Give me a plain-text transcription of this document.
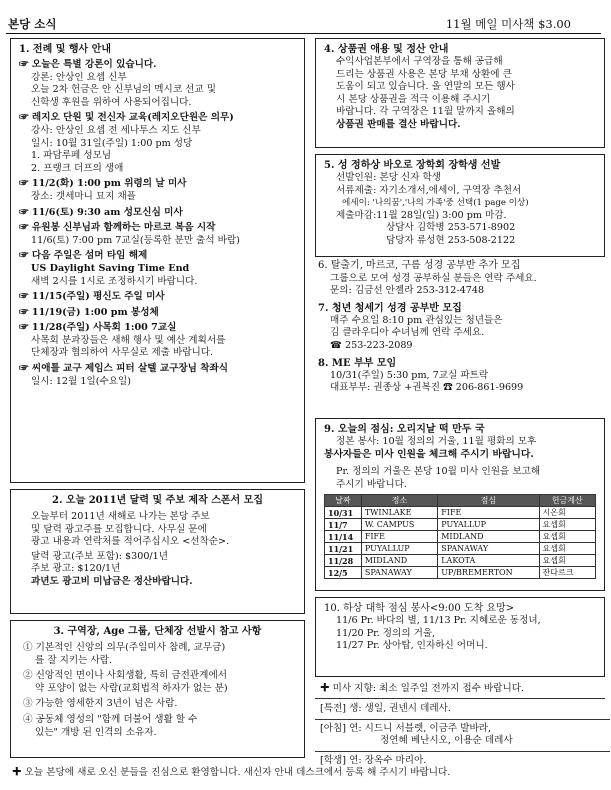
본당 소식	11월 메일 미사책 $3.00
1. 전례 및 행사 안내
☞ 오늘은 특별 강론이 있습니다.
강론: 안상인 요셉 신부
오늘 2차 헌금은 안 신부님의 멕시코 선교 및
신학생 후원을 위하여 사용되어집니다.
☞ 레지오 단원 및 전신자 교육(레지오단원은 의무)
강사: 안상인 요셉 전 세나투스 지도 신부
일시: 10월 31일(주일) 1:00 pm 성당
1. 파담루페 성모님
2. 프랭크 더프의 생애
☞ 11/2(화) 1:00 pm 위령의 날 미사
장소: 갯세마니 묘지 채플
☞ 11/6(토) 9:30 am 성모신심 미사
☞ 유원봉 신부님과 함께하는 마르코 복음 시작
11/6(토) 7:00 pm 7교실(등록한 분만 출석 바람)
☞ 다음 주일은 섬머 타임 해제
US Daylight Saving Time End
새벽 2시를 1시로 조정하시기 바랍니다.
☞ 11/15(주일) 평신도 주일 미사
☞ 11/19(금) 1:00 pm 봉성체
☞ 11/28(주일) 사목회 1:00 7교실
사목회 분과장들은 새해 행사 및 예산 계획서를
단체장과 협의하여 사무실로 제출 바랍니다.
☞ 씨애틀 교구 제임스 피터 살텔 교구장님 착좌식
일시: 12월 1일(수요일)
2. 오늘 2011년 달력 및 주보 제작 스폰서 모집
오늘부터 2011년 새해로 나가는 본당 주보
및 달력 광고주를 모집합니다. 사무실 문에
광고 내용과 연락처를 적어주십시오 <선착순>.
달력 광고(주보 포함): $300/1년
주보 광고: $120/1년
과년도 광고비 미납금은 정산바랍니다.
3. 구역장, Age 그룹, 단체장 선발시 참고 사항
① 기본적인 신앙의 의무(주일미사 참례, 교무금)
를 잘 지키는 사람.
② 신앙적인 면이나 사회생활, 특히 금전관계에서
약 포양이 없는 사람(교회법적 하자가 없는 분)
③ 가능한 영세한지 3년이 넘은 사람.
④ 공동체 영성의 "함께 더불어 생활 할 수
있는" 개방 된 인격의 소유자.
4. 상품권 애용 및 정산 안내
수익사업본부에서 구역장을 통해 공급해
드리는 상품권 사용은 본당 부채 상환에 큰
도움이 되고 있습니다. 올 연말의 모든 행사
시 본당 상품권을 적극 이용해 주시기
바랍니다. 각 구역장은 11월 말까지 올해의
상품권 판매를 결산 바랍니다.
5. 성 정하상 바오로 장학회 장학생 선발
선발인원: 본당 신자 학생
서류제출: 자기소개서,에세이, 구역장 추천서
에세이: '나의꿈','나의 가족'중 선택(1 page 이상)
제출마감:11월 28일(일) 3:00 pm 마감.
상담사 김학병 253-571-8902
담당자 류성현 253-508-2122
6. 탈출기, 마르코, 구름 성경 공부반 추가 모집
그룹으로 모여 성경 공부하실 분들은 연락 주세요.
문의: 김금선 안젤라 253-312-4748
7. 청년 청세기 성경 공부반 모집
매주 수요일 8:10 pm 관심있는 청년들은
김 클라우디아 수녀님께 연락 주세요.
☎ 253-223-2089
8. ME 부부 모임
10/31(주일) 5:30 pm, 7교실 파트락
대표부부: 권종상 +권복진 ☎ 206-861-9699
9. 오늘의 점심: 오리지날 떡 만두 국
정본 봉사: 10월 정의의 거울, 11월 평화의 모후
봉사자들은 미사 인원을 체크해 주시기 바랍니다.
Pr. 정의의 거울은 본당 10월 미사 인원을 보고해
주시기 바랍니다.
날짜	정소	점심	헌금계산
10/31	TWINLAKE	FIFE	시온회
11/7	W. CAMPUS	PUYALLUP	요셉회
11/14	FIFE	MIDLAND	요셉회
11/21	PUYALLUP	SPANAWAY	요셉회
11/28	MIDLAND	LAKOTA	요셉회
12/5	SPANAWAY	UP/BREMERTON	잔다르크
10. 하상 대학 점심 봉사<9:00 도착 요망>
11/6 Pr. 바다의 별, 11/13 Pr. 지혜로운 동정녀,
11/20 Pr. 정의의 거울,
11/27 Pr. 상아탑, 인자하신 어머니.
✚ 미사 지향: 최소 일주일 전까지 접수 바랍니다.
[특전] 생: 생일, 권넨시 데레사.
[아침] 연: 시드니 서블렛, 이금주 발바라,
정연혜 베난시오, 이용순 데레사
[학생] 연: 장옥수 마리아.
✚ 오늘 본당에 새로 오신 분들을 진심으로 환영합니다. 새신자 안내 데스크에서 등록 해 주시기 바랍니다.
